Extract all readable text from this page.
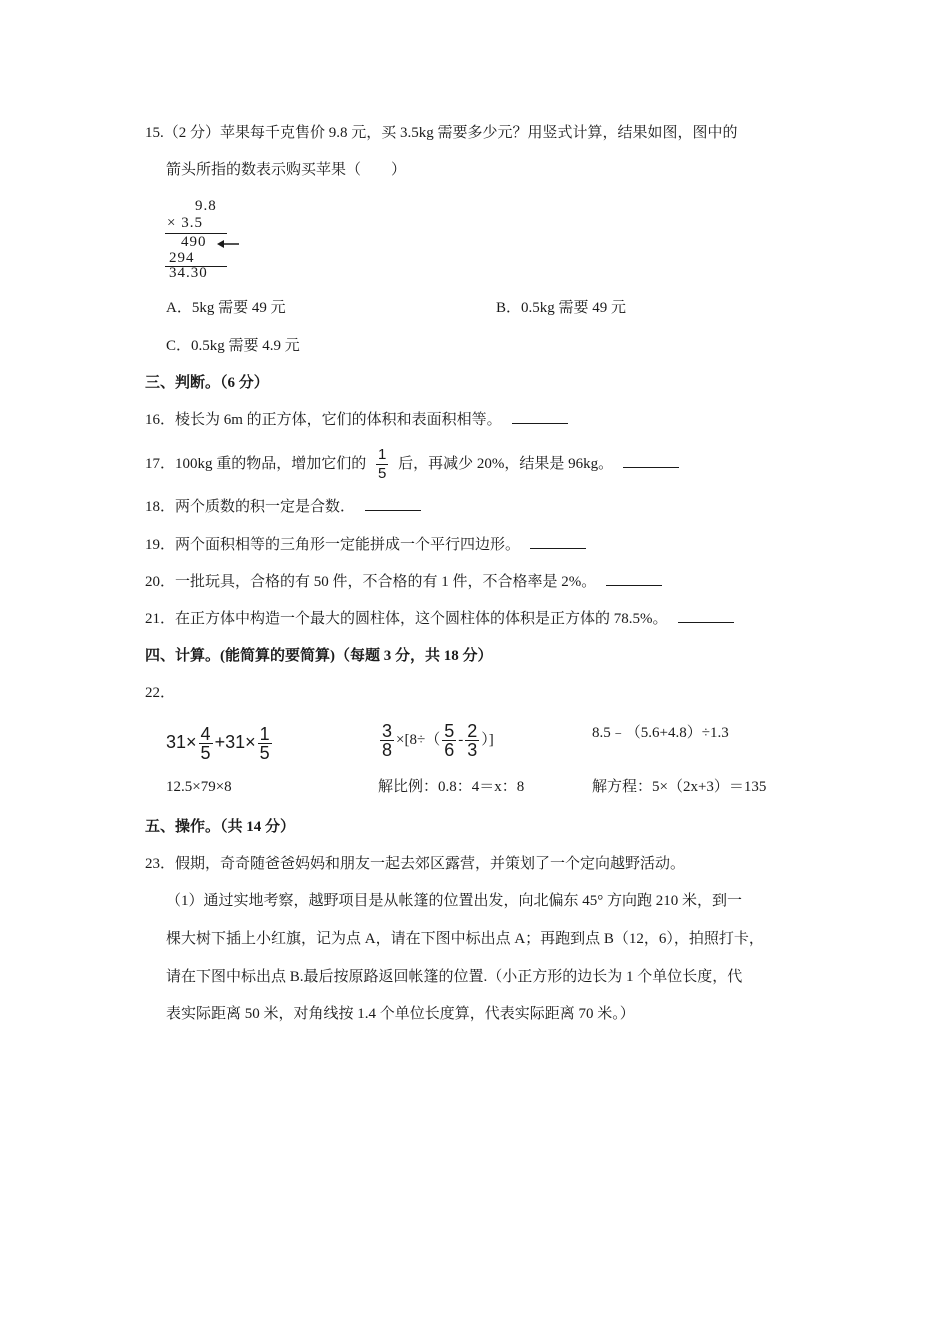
15.（2 分）苹果每千克售价 9.8 元，买 3.5kg 需要多少元？用竖式计算，结果如图，图中的
箭头所指的数表示购买苹果（　　）
9.8
× 3.5
490
294
34.30
A．5kg 需要 49 元	B．0.5kg 需要 49 元
C．0.5kg 需要 4.9 元
三、判断。（6 分）
16．棱长为 6m 的正方体，它们的体积和表面积相等。
17．100kg 重的物品，增加它们的 $\frac{1}{5}$ 后，再减少 20%，结果是 96kg。
18．两个质数的积一定是合数．
19．两个面积相等的三角形一定能拼成一个平行四边形。
20．一批玩具，合格的有 50 件，不合格的有 1 件，不合格率是 2%。
21．在正方体中构造一个最大的圆柱体，这个圆柱体的体积是正方体的 78.5%。
四、计算。(能简算的要简算)（每题 3 分，共 18 分）
22．
$31\times \frac{4}{5} +31\times \frac{1}{5}$	$\frac{3}{8} \times[8\div( \frac{5}{6} - \frac{2}{3}$ ）]	8.5﹣（5.6+4.8）÷1.3
12.5×79×8	解比例：0.8：4＝x：8	解方程：5×（2x+3）＝135
五、操作。（共 14 分）
23．假期，奇奇随爸爸妈妈和朋友一起去郊区露营，并策划了一个定向越野活动。
（1）通过实地考察，越野项目是从帐篷的位置出发，向北偏东 45° 方向跑 210 米，到一
棵大树下插上小红旗，记为点 A，请在下图中标出点 A；再跑到点 B（12，6），拍照打卡，
请在下图中标出点 B.最后按原路返回帐篷的位置.（小正方形的边长为 1 个单位长度，代
表实际距离 50 米，对角线按 1.4 个单位长度算，代表实际距离 70 米。）
